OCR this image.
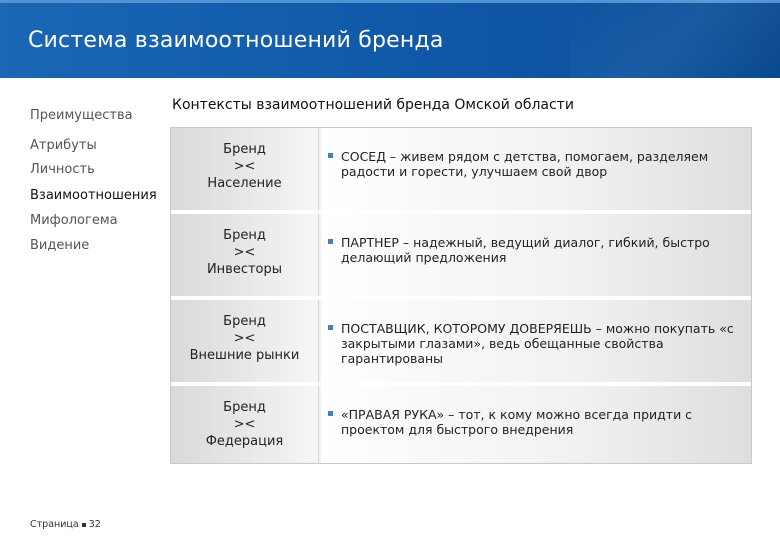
Система взаимоотношений бренда
Преимущества
Атрибуты
Личность
Взаимоотношения
Мифологема
Видение
Контексты взаимоотношений бренда Омской области
Бренд
><
Население
СОСЕД – живем рядом с детства, помогаем, разделяем радости и горести, улучшаем свой двор
Бренд
><
Инвесторы
ПАРТНЕР – надежный, ведущий диалог, гибкий, быстро делающий предложения
Бренд
><
Внешние рынки
ПОСТАВЩИК, КОТОРОМУ ДОВЕРЯЕШЬ – можно покупать «с закрытыми глазами», ведь обещанные свойства гарантированы
Бренд
><
Федерация
«ПРАВАЯ РУКА» – тот, к кому можно всегда придти с проектом для быстрого внедрения
Страница 32
